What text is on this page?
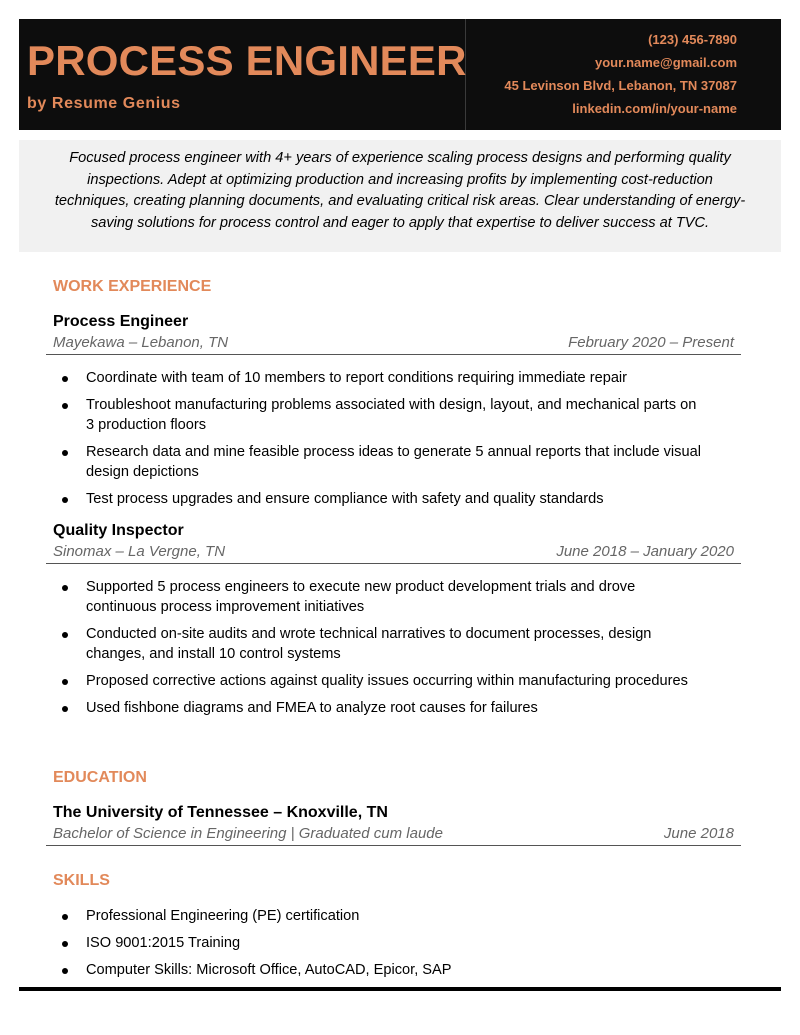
PROCESS ENGINEER
by Resume Genius
(123) 456-7890
your.name@gmail.com
45 Levinson Blvd, Lebanon, TN 37087
linkedin.com/in/your-name
Focused process engineer with 4+ years of experience scaling process designs and performing quality inspections. Adept at optimizing production and increasing profits by implementing cost-reduction techniques, creating planning documents, and evaluating critical risk areas. Clear understanding of energy-saving solutions for process control and eager to apply that expertise to deliver success at TVC.
WORK EXPERIENCE
Process Engineer
Mayekawa – Lebanon, TN	February 2020 – Present
Coordinate with team of 10 members to report conditions requiring immediate repair
Troubleshoot manufacturing problems associated with design, layout, and mechanical parts on 3 production floors
Research data and mine feasible process ideas to generate 5 annual reports that include visual design depictions
Test process upgrades and ensure compliance with safety and quality standards
Quality Inspector
Sinomax – La Vergne, TN	June 2018 – January 2020
Supported 5 process engineers to execute new product development trials and drove continuous process improvement initiatives
Conducted on-site audits and wrote technical narratives to document processes, design changes, and install 10 control systems
Proposed corrective actions against quality issues occurring within manufacturing procedures
Used fishbone diagrams and FMEA to analyze root causes for failures
EDUCATION
The University of Tennessee – Knoxville, TN
Bachelor of Science in Engineering | Graduated cum laude	June 2018
SKILLS
Professional Engineering (PE) certification
ISO 9001:2015 Training
Computer Skills: Microsoft Office, AutoCAD, Epicor, SAP
